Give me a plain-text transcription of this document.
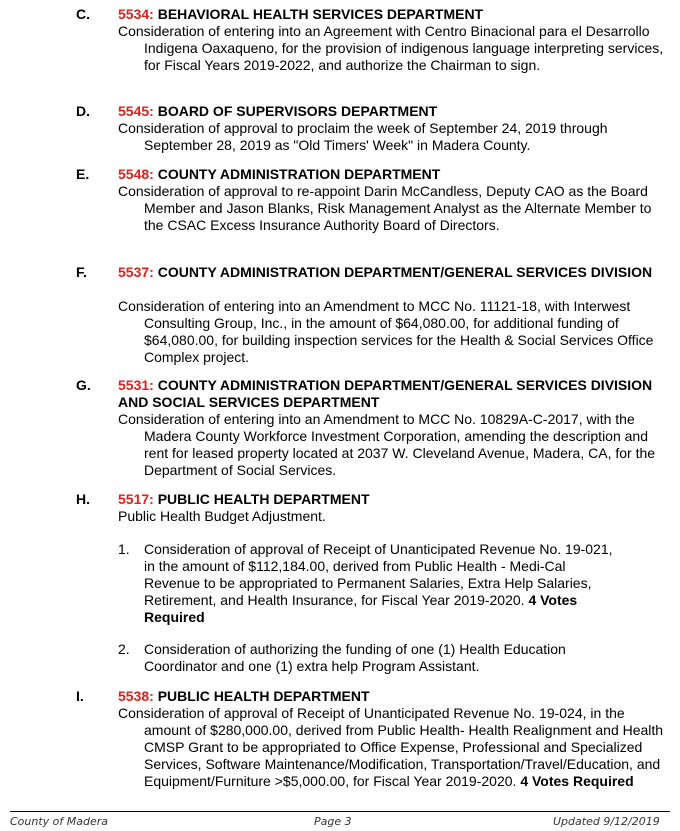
C. 5534: BEHAVIORAL HEALTH SERVICES DEPARTMENT
Consideration of entering into an Agreement with Centro Binacional para el Desarrollo Indigena Oaxaqueno, for the provision of indigenous language interpreting services, for Fiscal Years 2019-2022, and authorize the Chairman to sign.
D. 5545: BOARD OF SUPERVISORS DEPARTMENT
Consideration of approval to proclaim the week of September 24, 2019 through September 28, 2019 as "Old Timers' Week" in Madera County.
E. 5548: COUNTY ADMINISTRATION DEPARTMENT
Consideration of approval to re-appoint Darin McCandless, Deputy CAO as the Board Member and Jason Blanks, Risk Management Analyst as the Alternate Member to the CSAC Excess Insurance Authority Board of Directors.
F. 5537: COUNTY ADMINISTRATION DEPARTMENT/GENERAL SERVICES DIVISION
Consideration of entering into an Amendment to MCC No. 11121-18, with Interwest Consulting Group, Inc., in the amount of $64,080.00, for additional funding of $64,080.00, for building inspection services for the Health & Social Services Office Complex project.
G. 5531: COUNTY ADMINISTRATION DEPARTMENT/GENERAL SERVICES DIVISION AND SOCIAL SERVICES DEPARTMENT
Consideration of entering into an Amendment to MCC No. 10829A-C-2017, with the Madera County Workforce Investment Corporation, amending the description and rent for leased property located at 2037 W. Cleveland Avenue, Madera, CA, for the Department of Social Services.
H. 5517: PUBLIC HEALTH DEPARTMENT
Public Health Budget Adjustment.
1. Consideration of approval of Receipt of Unanticipated Revenue No. 19-021, in the amount of $112,184.00, derived from Public Health - Medi-Cal Revenue to be appropriated to Permanent Salaries, Extra Help Salaries, Retirement, and Health Insurance, for Fiscal Year 2019-2020. 4 Votes Required
2. Consideration of authorizing the funding of one (1) Health Education Coordinator and one (1) extra help Program Assistant.
I. 5538: PUBLIC HEALTH DEPARTMENT
Consideration of approval of Receipt of Unanticipated Revenue No. 19-024, in the amount of $280,000.00, derived from Public Health- Health Realignment and Health CMSP Grant to be appropriated to Office Expense, Professional and Specialized Services, Software Maintenance/Modification, Transportation/Travel/Education, and Equipment/Furniture >$5,000.00, for Fiscal Year 2019-2020. 4 Votes Required
County of Madera	Page 3	Updated 9/12/2019
